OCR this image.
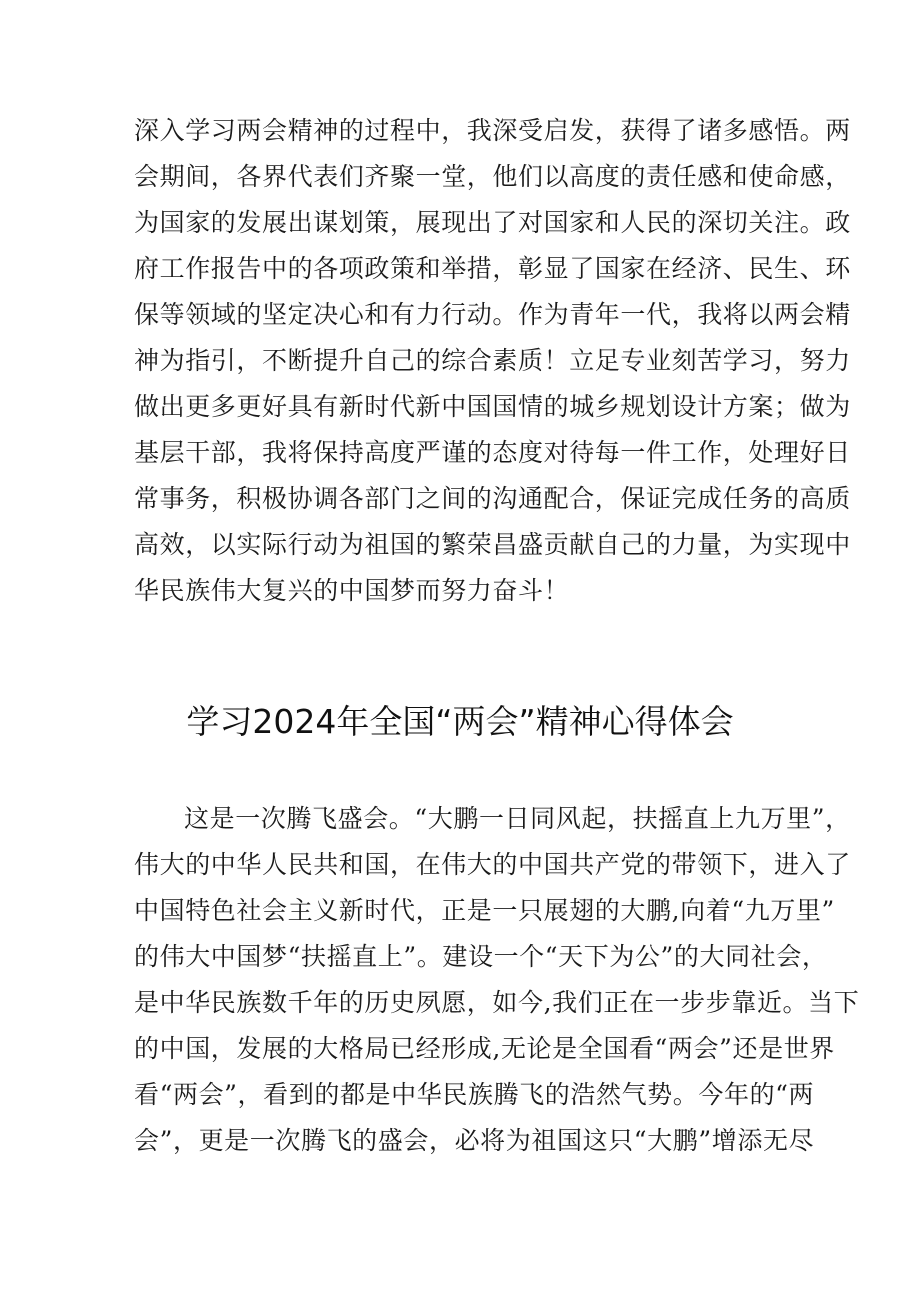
深入学习两会精神的过程中，我深受启发，获得了诸多感悟。两
会期间，各界代表们齐聚一堂，他们以高度的责任感和使命感，
为国家的发展出谋划策，展现出了对国家和人民的深切关注。政
府工作报告中的各项政策和举措，彰显了国家在经济、民生、环
保等领域的坚定决心和有力行动。作为青年一代，我将以两会精
神为指引，不断提升自己的综合素质！立足专业刻苦学习，努力
做出更多更好具有新时代新中国国情的城乡规划设计方案；做为
基层干部，我将保持高度严谨的态度对待每一件工作，处理好日
常事务，积极协调各部门之间的沟通配合，保证完成任务的高质
高效，以实际行动为祖国的繁荣昌盛贡献自己的力量，为实现中
华民族伟大复兴的中国梦而努力奋斗！
学习2024年全国“两会”精神心得体会
这是一次腾飞盛会。“大鹏一日同风起，扶摇直上九万里”，
伟大的中华人民共和国，在伟大的中国共产党的带领下，进入了
中国特色社会主义新时代，正是一只展翅的大鹏,向着“九万里”
的伟大中国梦“扶摇直上”。建设一个“天下为公”的大同社会，
是中华民族数千年的历史夙愿，如今,我们正在一步步靠近。当下
的中国，发展的大格局已经形成,无论是全国看“两会”还是世界
看“两会”，看到的都是中华民族腾飞的浩然气势。今年的“两
会”，更是一次腾飞的盛会，必将为祖国这只“大鹏”增添无尽
